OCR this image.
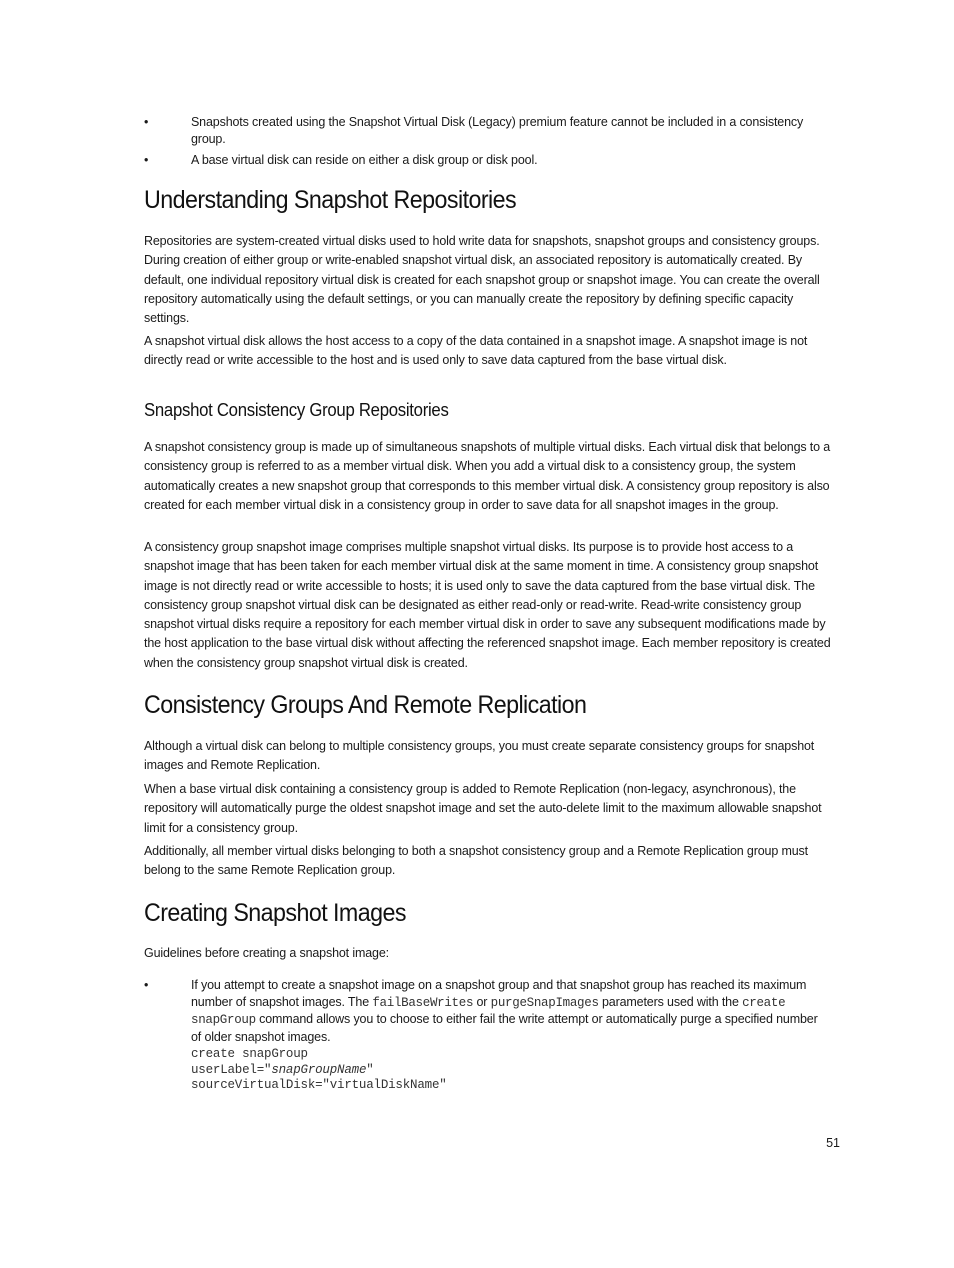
•	Snapshots created using the Snapshot Virtual Disk (Legacy) premium feature cannot be included in a consistency group.
•	A base virtual disk can reside on either a disk group or disk pool.
Understanding Snapshot Repositories

Repositories are system-created virtual disks used to hold write data for snapshots, snapshot groups and consistency groups. During creation of either group or write-enabled snapshot virtual disk, an associated repository is automatically created. By default, one individual repository virtual disk is created for each snapshot group or snapshot image. You can create the overall repository automatically using the default settings, or you can manually create the repository by defining specific capacity settings.

A snapshot virtual disk allows the host access to a copy of the data contained in a snapshot image. A snapshot image is not directly read or write accessible to the host and is used only to save data captured from the base virtual disk.

Snapshot Consistency Group Repositories

A snapshot consistency group is made up of simultaneous snapshots of multiple virtual disks. Each virtual disk that belongs to a consistency group is referred to as a member virtual disk. When you add a virtual disk to a consistency group, the system automatically creates a new snapshot group that corresponds to this member virtual disk. A consistency group repository is also created for each member virtual disk in a consistency group in order to save data for all snapshot images in the group.

A consistency group snapshot image comprises multiple snapshot virtual disks. Its purpose is to provide host access to a snapshot image that has been taken for each member virtual disk at the same moment in time. A consistency group snapshot image is not directly read or write accessible to hosts; it is used only to save the data captured from the base virtual disk. The consistency group snapshot virtual disk can be designated as either read-only or read-write. Read-write consistency group snapshot virtual disks require a repository for each member virtual disk in order to save any subsequent modifications made by the host application to the base virtual disk without affecting the referenced snapshot image. Each member repository is created when the consistency group snapshot virtual disk is created.

Consistency Groups And Remote Replication

Although a virtual disk can belong to multiple consistency groups, you must create separate consistency groups for snapshot images and Remote Replication.

When a base virtual disk containing a consistency group is added to Remote Replication (non-legacy, asynchronous), the repository will automatically purge the oldest snapshot image and set the auto-delete limit to the maximum allowable snapshot limit for a consistency group.

Additionally, all member virtual disks belonging to both a snapshot consistency group and a Remote Replication group must belong to the same Remote Replication group.

Creating Snapshot Images

Guidelines before creating a snapshot image:

•	If you attempt to create a snapshot image on a snapshot group and that snapshot group has reached its maximum number of snapshot images. The failBaseWrites or purgeSnapImages parameters used with the create snapGroup command allows you to choose to either fail the write attempt or automatically purge a specified number of older snapshot images.
create snapGroup
userLabel="snapGroupName"
sourceVirtualDisk="virtualDiskName"
51
